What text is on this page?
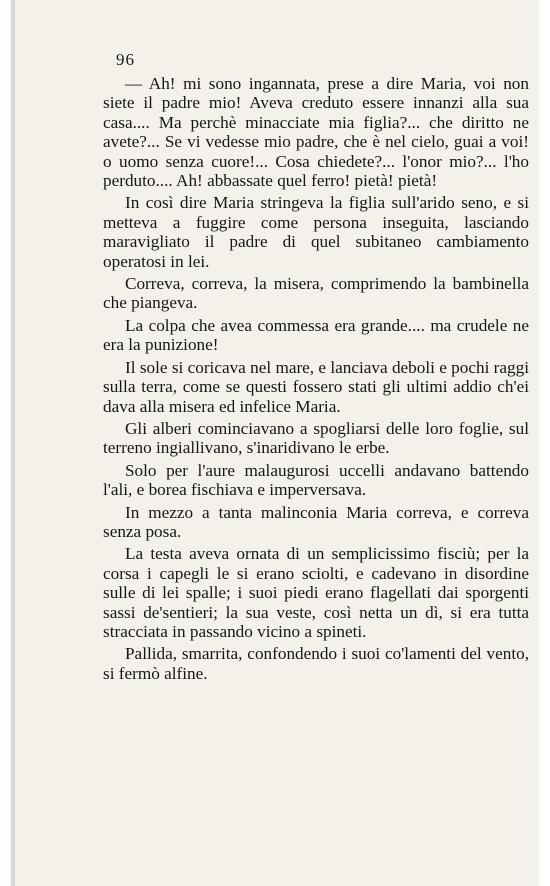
96

— Ah! mi sono ingannata, prese a dire Maria, voi non siete il padre mio! Aveva creduto essere innanzi alla sua casa.... Ma perchè minacciate mia figlia?... che diritto ne avete?... Se vi vedesse mio padre, che è nel cielo, guai a voi! o uomo senza cuore!... Cosa chiedete?... l'onor mio?... l'ho perduto.... Ah! abbassate quel ferro! pietà! pietà!

In così dire Maria stringeva la figlia sull'arido seno, e si metteva a fuggire come persona inseguita, lasciando maravigliato il padre di quel subitaneo cambiamento operatosi in lei.

Correva, correva, la misera, comprimendo la bambinella che piangeva.

La colpa che avea commessa era grande.... ma crudele ne era la punizione!

Il sole si coricava nel mare, e lanciava deboli e pochi raggi sulla terra, come se questi fossero stati gli ultimi addio ch'ei dava alla misera ed infelice Maria.

Gli alberi cominciavano a spogliarsi delle loro foglie, sul terreno ingiallivano, s'inaridivano le erbe.

Solo per l'aure malaugurosi uccelli andavano battendo l'ali, e borea fischiava e imperversava.

In mezzo a tanta malinconia Maria correva, e correva senza posa.

La testa aveva ornata di un semplicissimo fisciù; per la corsa i capegli le si erano sciolti, e cadevano in disordine sulle di lei spalle; i suoi piedi erano flagellati dai sporgenti sassi de'sentieri; la sua veste, così netta un dì, si era tutta stracciata in passando vicino a spineti.

Pallida, smarrita, confondendo i suoi co'lamenti del vento, si fermò alfine.
